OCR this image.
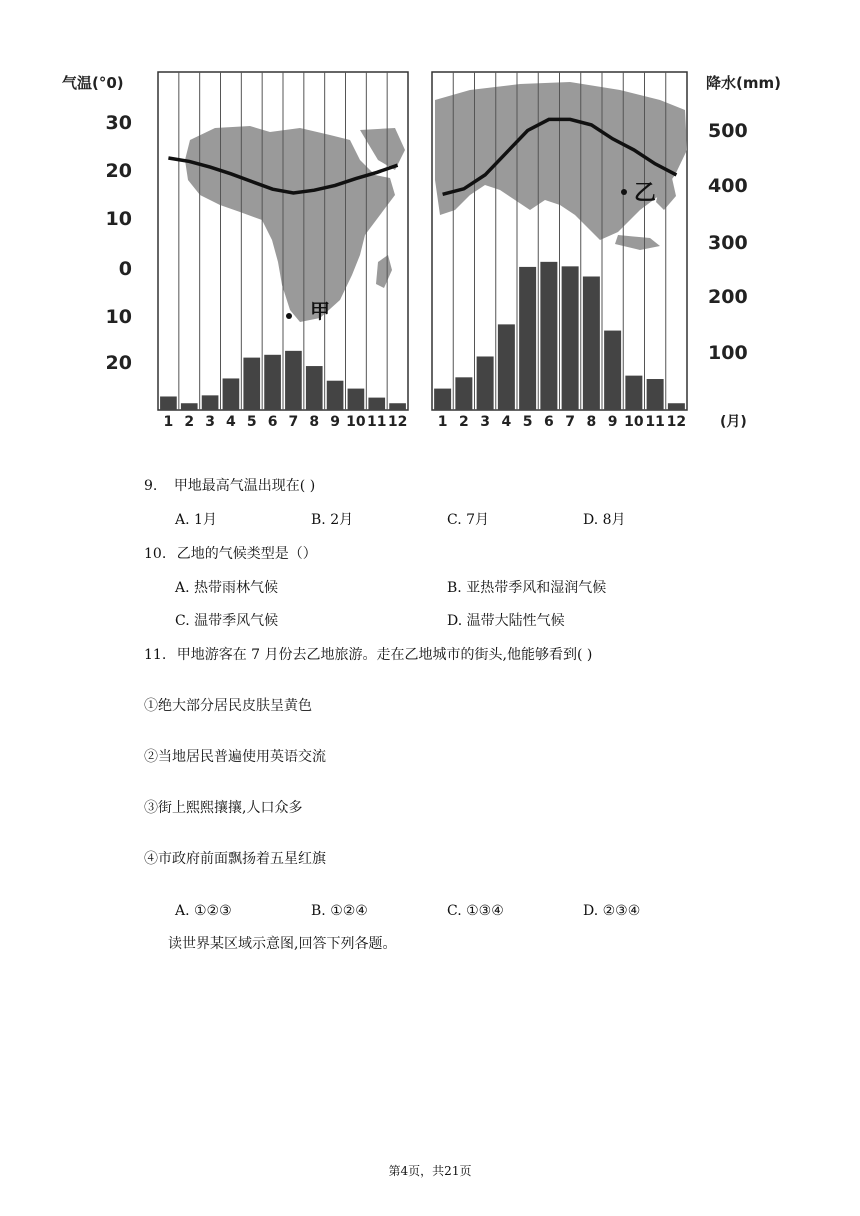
甲
气温(°0)
30
20
10
0
10
20
1 2 3 4 5 6 7 8 9 10 11 12
乙
降水(mm)
500
400
300
200
100
1 2 3 4 5 6 7 8 9 10 11 12 (月)
9. 甲地最高气温出现在( )
A. 1月	B. 2月	C. 7月	D. 8月
10. 乙地的气候类型是（）
A. 热带雨林气候	B. 亚热带季风和湿润气候
C. 温带季风气候	D. 温带大陆性气候
11. 甲地游客在 7 月份去乙地旅游。走在乙地城市的街头,他能够看到( )
①绝大部分居民皮肤呈黄色
②当地居民普遍使用英语交流
③街上熙熙攘攘,人口众多
④市政府前面飘扬着五星红旗
A. ①②③	B. ①②④	C. ①③④	D. ②③④
读世界某区域示意图,回答下列各题。
第4页，共21页
